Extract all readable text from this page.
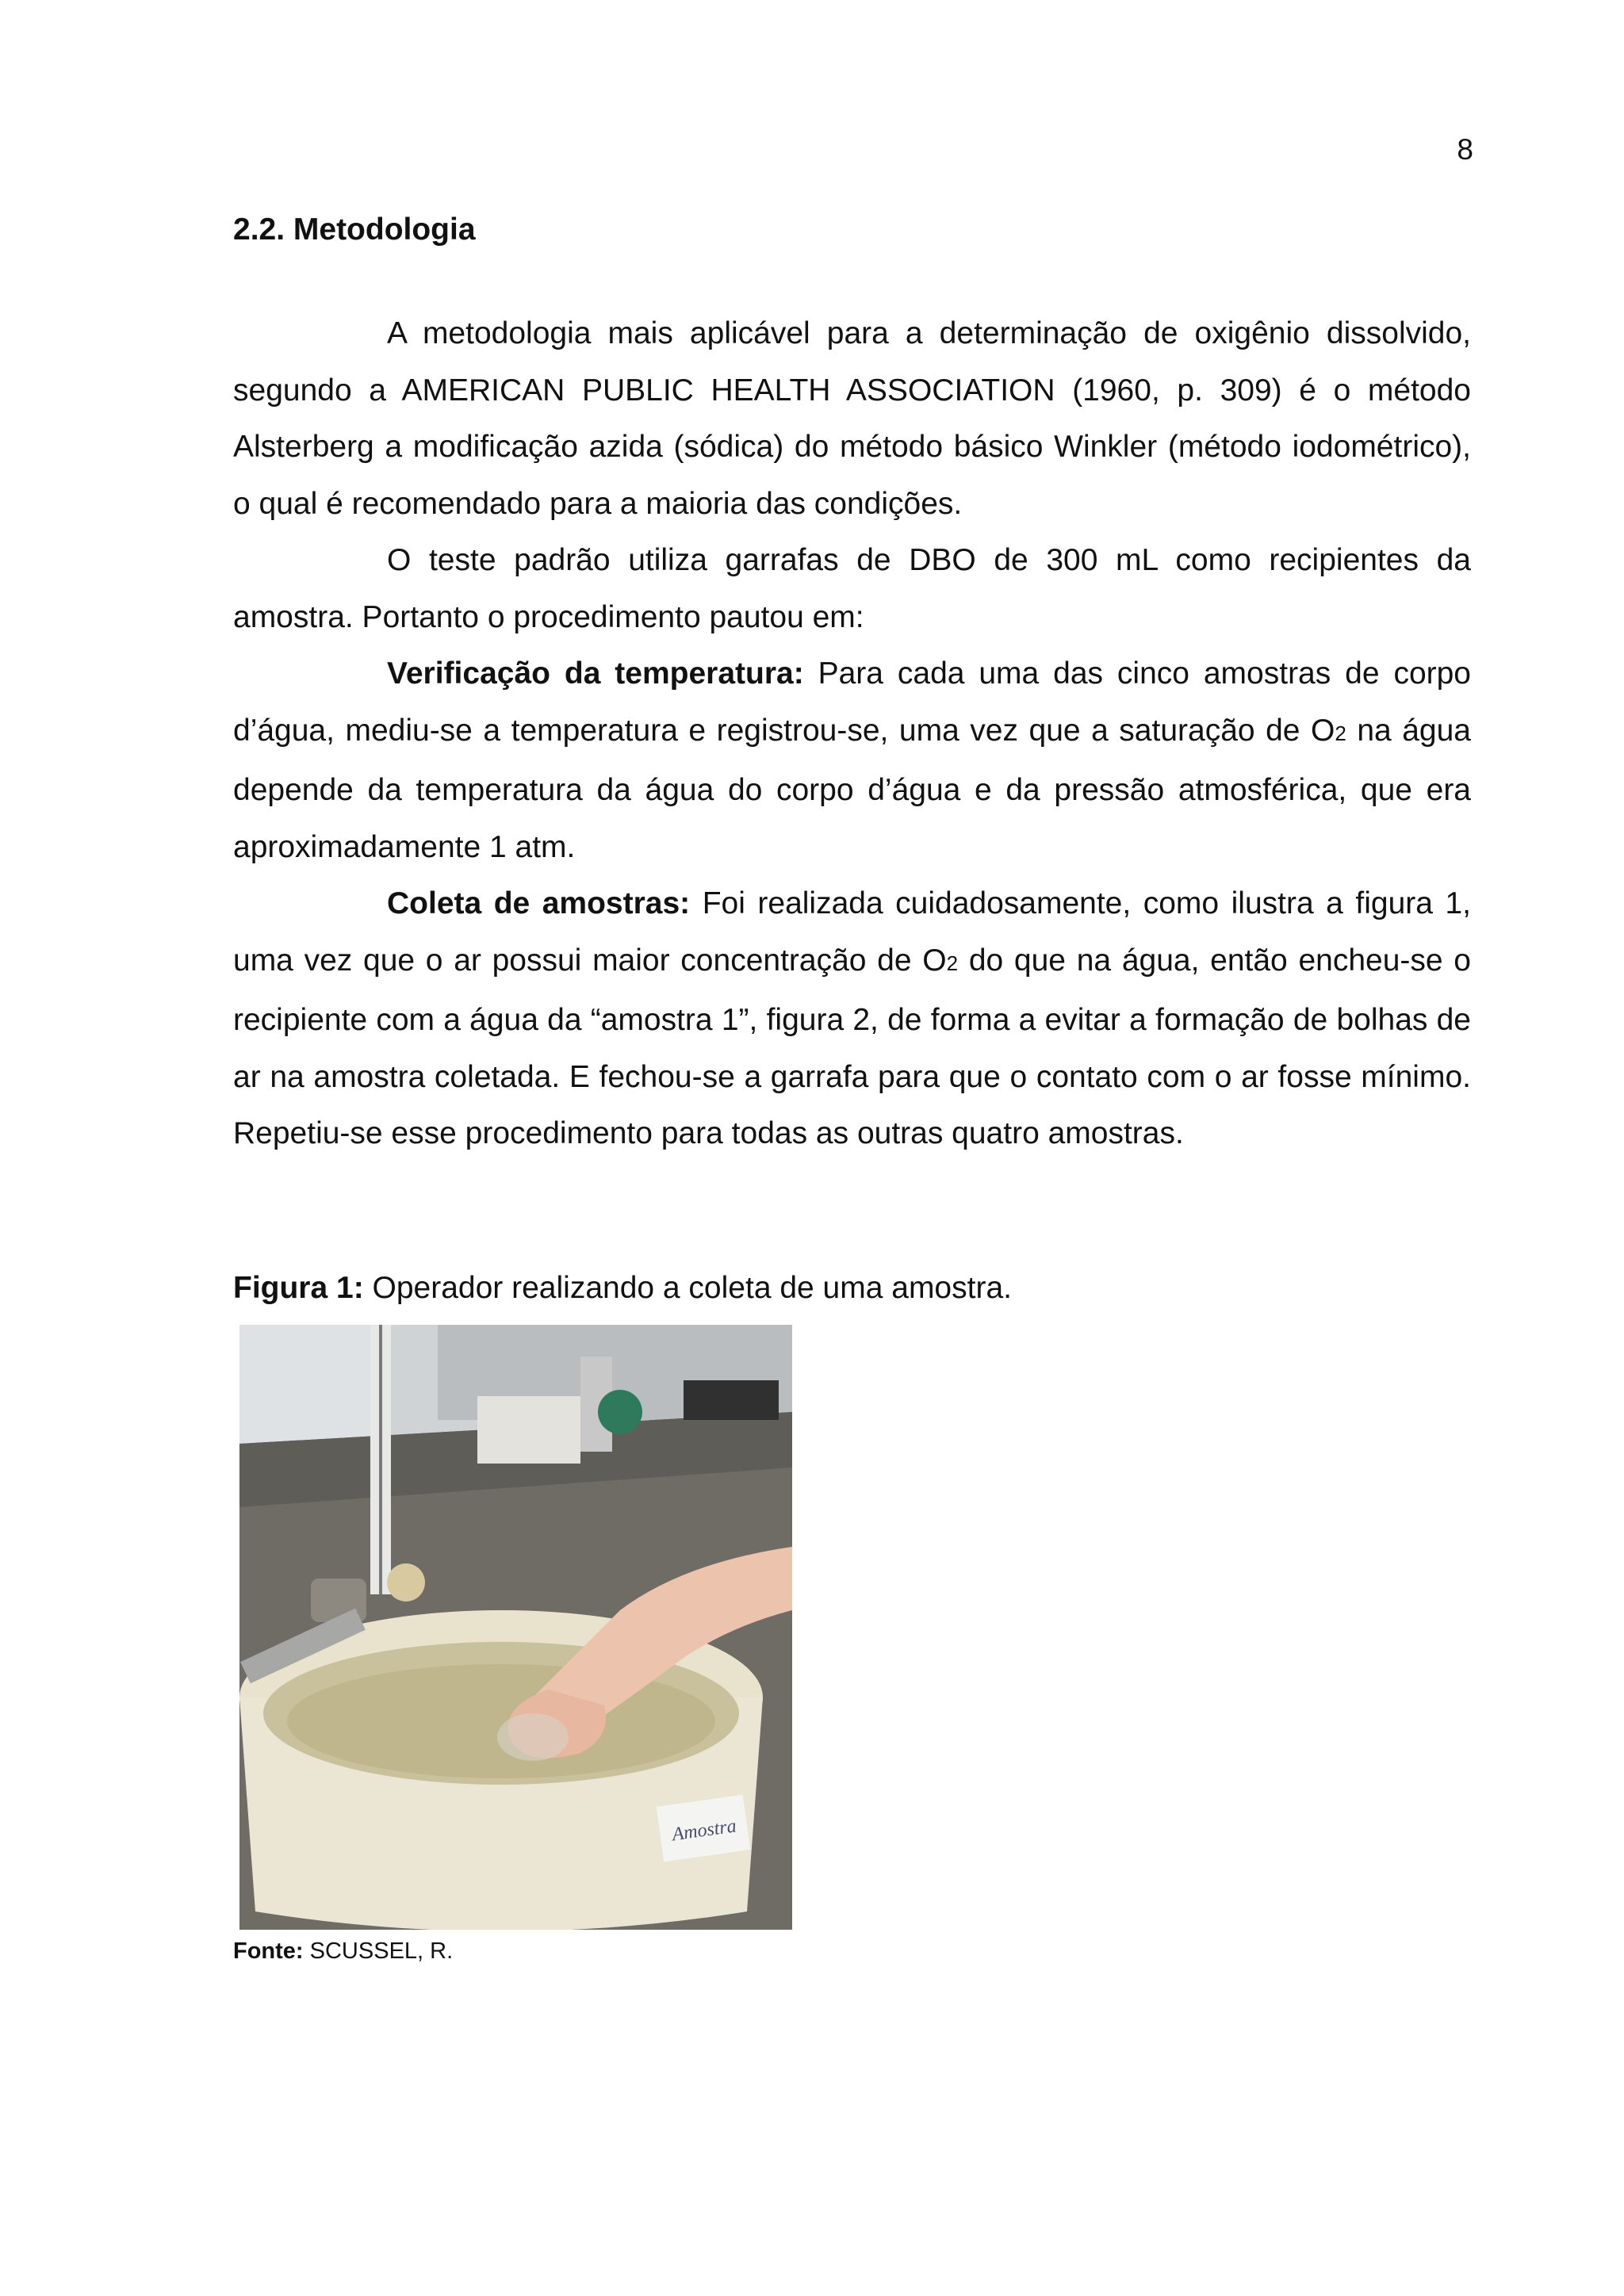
8
2.2. Metodologia

A metodologia mais aplicável para a determinação de oxigênio dissolvido, segundo a AMERICAN PUBLIC HEALTH ASSOCIATION (1960, p. 309) é o método Alsterberg a modificação azida (sódica) do método básico Winkler (método iodométrico), o qual é recomendado para a maioria das condições.

O teste padrão utiliza garrafas de DBO de 300 mL como recipientes da amostra. Portanto o procedimento pautou em:

Verificação da temperatura: Para cada uma das cinco amostras de corpo d’água, mediu-se a temperatura e registrou-se, uma vez que a saturação de O2 na água depende da temperatura da água do corpo d’água e da pressão atmosférica, que era aproximadamente 1 atm.

Coleta de amostras: Foi realizada cuidadosamente, como ilustra a figura 1, uma vez que o ar possui maior concentração de O2 do que na água, então encheu-se o recipiente com a água da “amostra 1”, figura 2, de forma a evitar a formação de bolhas de ar na amostra coletada. E fechou-se a garrafa para que o contato com o ar fosse mínimo. Repetiu-se esse procedimento para todas as outras quatro amostras.

Figura 1: Operador realizando a coleta de uma amostra.

Amostra

Fonte: SCUSSEL, R.
